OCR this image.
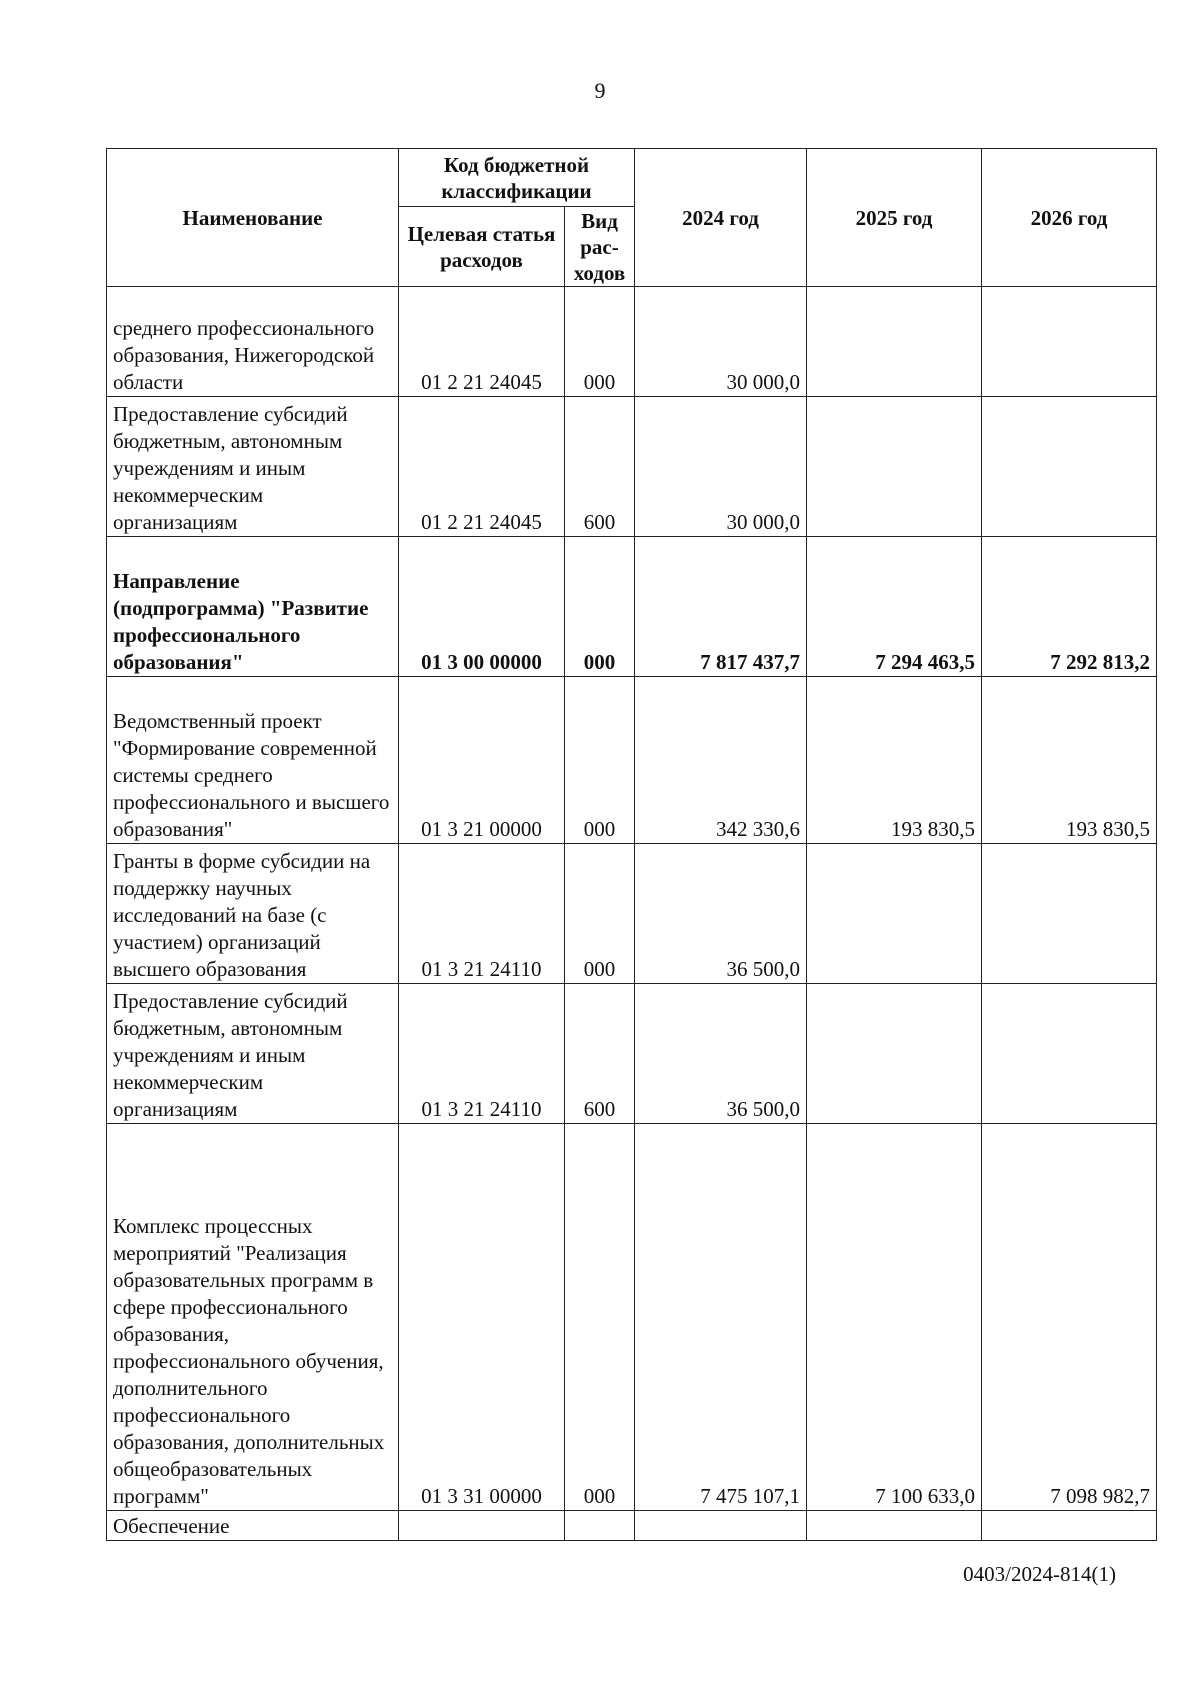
9
Наименование	Код бюджетной классификации		2024 год	2025 год	2026 год
	Целевая статья расходов	Вид рас-ходов			
среднего профессионального образования, Нижегородской области	01 2 21 24045	000	30 000,0		
Предоставление субсидий бюджетным, автономным учреждениям и иным некоммерческим организациям	01 2 21 24045	600	30 000,0		
Направление (подпрограмма) "Развитие профессионального образования"	01 3 00 00000	000	7 817 437,7	7 294 463,5	7 292 813,2
Ведомственный проект "Формирование современной системы среднего профессионального и высшего образования"	01 3 21 00000	000	342 330,6	193 830,5	193 830,5
Гранты в форме субсидии на поддержку научных исследований на базе (с участием) организаций высшего образования	01 3 21 24110	000	36 500,0		
Предоставление субсидий бюджетным, автономным учреждениям и иным некоммерческим организациям	01 3 21 24110	600	36 500,0		
Комплекс процессных мероприятий "Реализация образовательных программ в сфере профессионального образования, профессионального обучения, дополнительного профессионального образования, дополнительных общеобразовательных программ"	01 3 31 00000	000	7 475 107,1	7 100 633,0	7 098 982,7
Обеспечение					
0403/2024-814(1)
